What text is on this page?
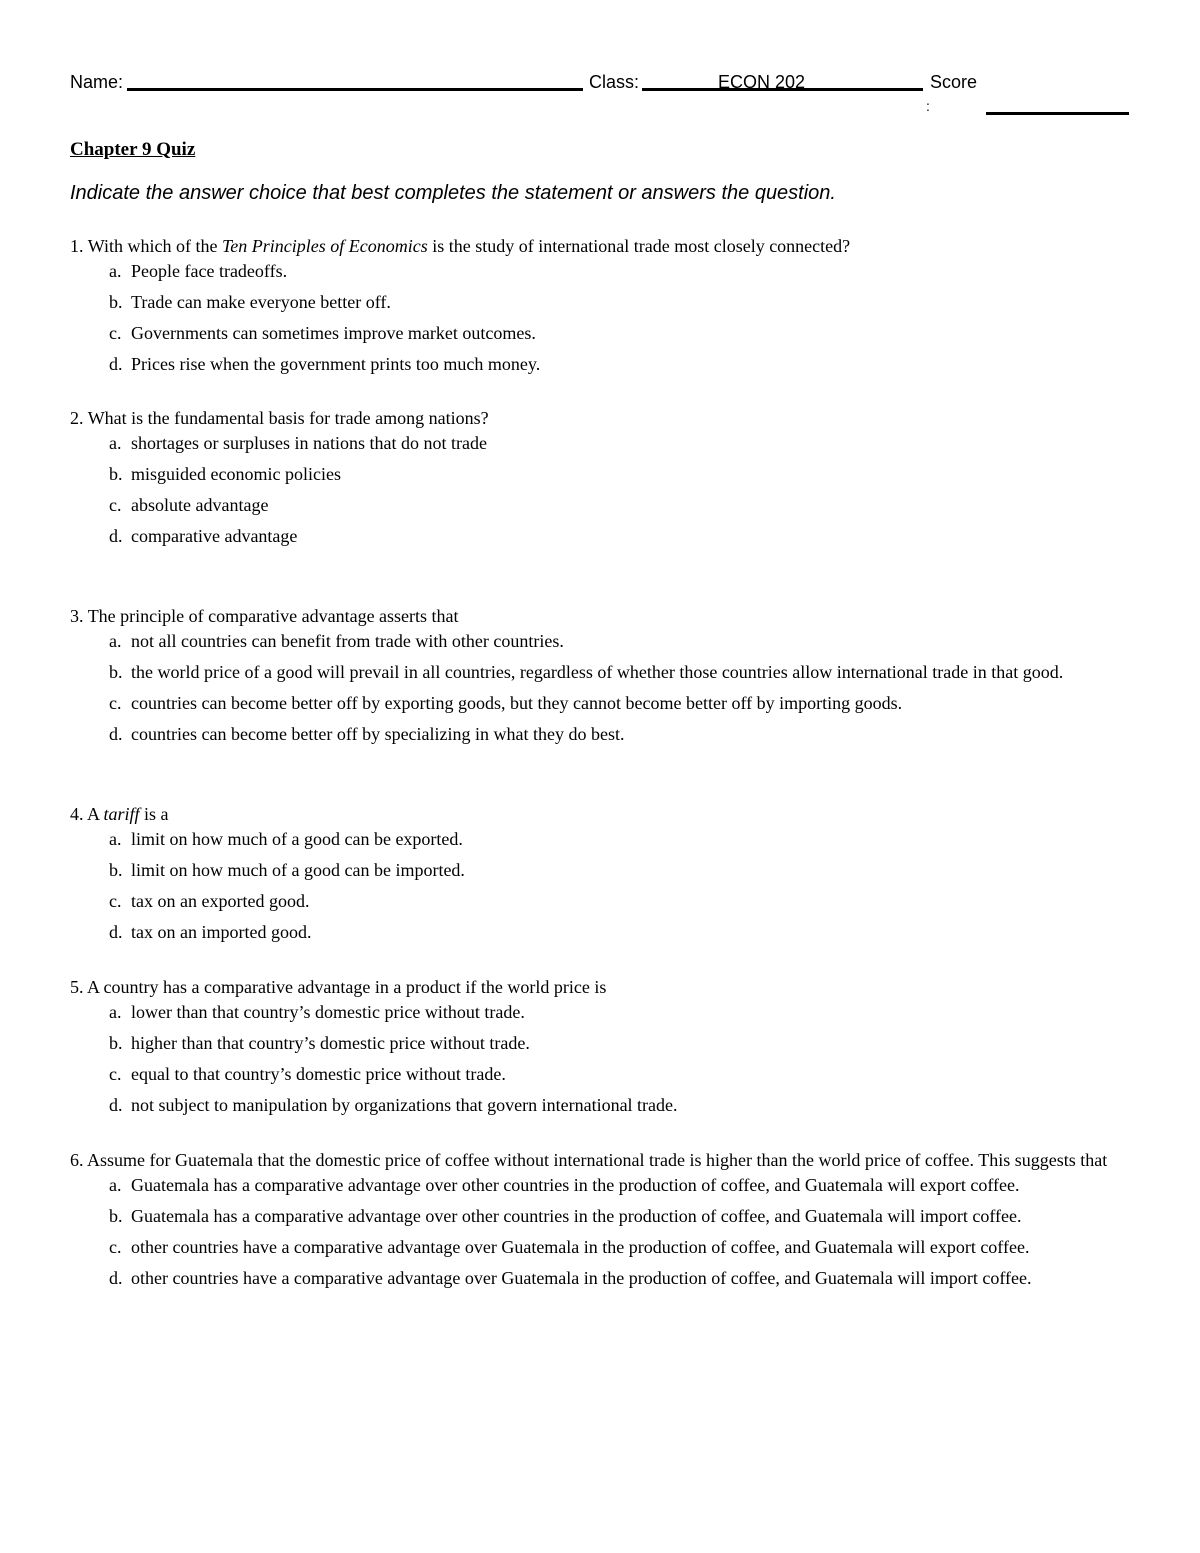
Name:	Class:	ECON 202	Score
:
Chapter 9 Quiz
Indicate the answer choice that best completes the statement or answers the question.

1. With which of the Ten Principles of Economics is the study of international trade most closely connected?

a. People face tradeoffs.
b. Trade can make everyone better off.
c. Governments can sometimes improve market outcomes.
d. Prices rise when the government prints too much money.

2. What is the fundamental basis for trade among nations?

a. shortages or surpluses in nations that do not trade
b. misguided economic policies
c. absolute advantage
d. comparative advantage

3. The principle of comparative advantage asserts that

a. not all countries can benefit from trade with other countries.
b. the world price of a good will prevail in all countries, regardless of whether those countries allow international trade in that good.
c. countries can become better off by exporting goods, but they cannot become better off by importing goods.
d. countries can become better off by specializing in what they do best.

4. A tariff is a

a. limit on how much of a good can be exported.
b. limit on how much of a good can be imported.
c. tax on an exported good.
d. tax on an imported good.

5. A country has a comparative advantage in a product if the world price is

a. lower than that country’s domestic price without trade.
b. higher than that country’s domestic price without trade.
c. equal to that country’s domestic price without trade.
d. not subject to manipulation by organizations that govern international trade.

6. Assume for Guatemala that the domestic price of coffee without international trade is higher than the world price of coffee. This suggests that

a. Guatemala has a comparative advantage over other countries in the production of coffee, and Guatemala will export coffee.
b. Guatemala has a comparative advantage over other countries in the production of coffee, and Guatemala will import coffee.
c. other countries have a comparative advantage over Guatemala in the production of coffee, and Guatemala will export coffee.
d. other countries have a comparative advantage over Guatemala in the production of coffee, and Guatemala will import coffee.
